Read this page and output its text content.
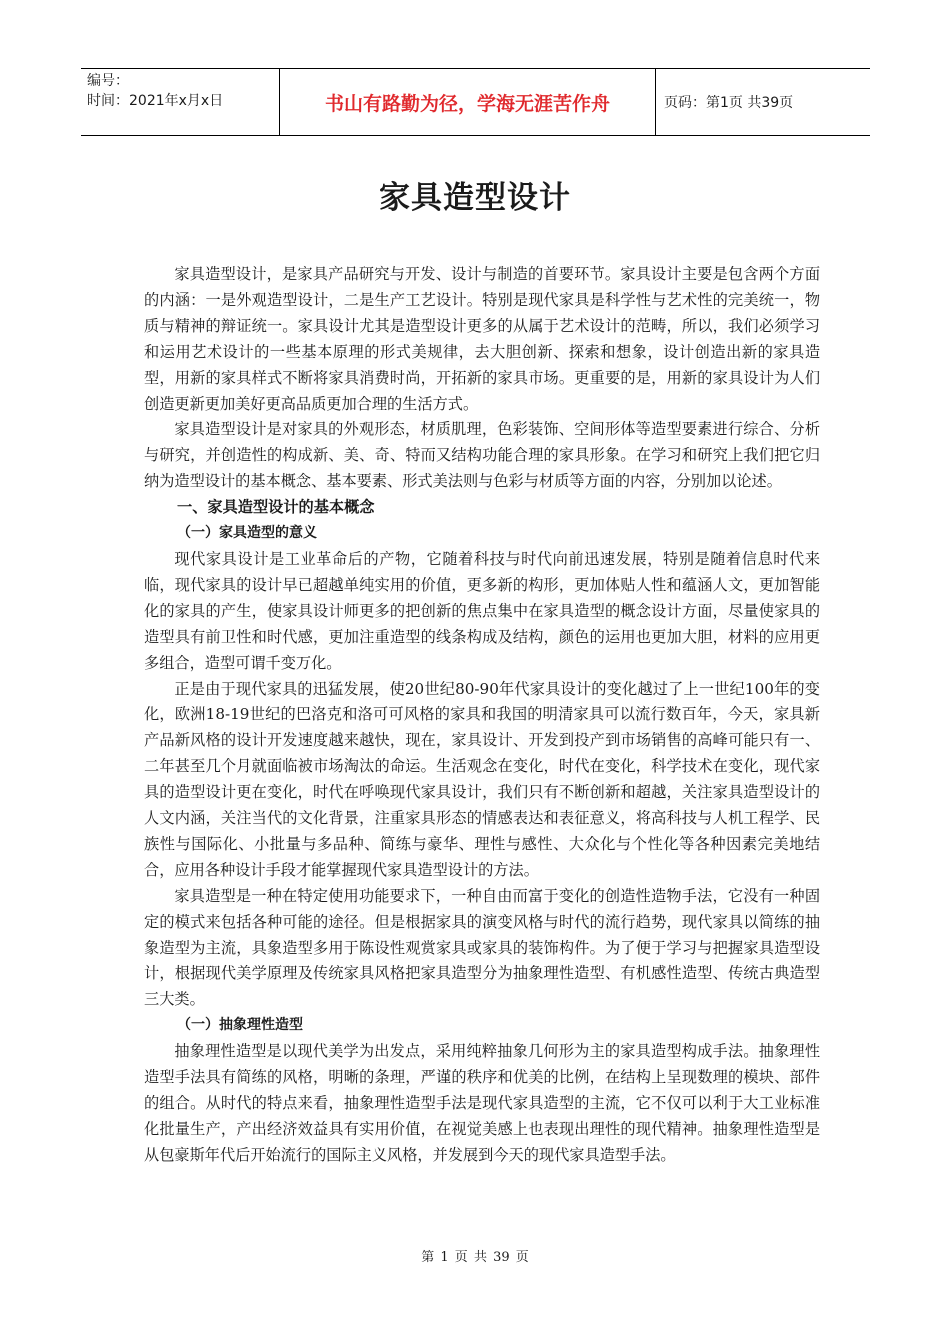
编号：
时间：2021年x月x日	书山有路勤为径，学海无涯苦作舟	页码：第1页 共39页
家具造型设计

家具造型设计，是家具产品研究与开发、设计与制造的首要环节。家具设计主要是包含两个方面的内涵：一是外观造型设计，二是生产工艺设计。特别是现代家具是科学性与艺术性的完美统一，物质与精神的辩证统一。家具设计尤其是造型设计更多的从属于艺术设计的范畴，所以，我们必须学习和运用艺术设计的一些基本原理的形式美规律，去大胆创新、探索和想象，设计创造出新的家具造型，用新的家具样式不断将家具消费时尚，开拓新的家具市场。更重要的是，用新的家具设计为人们创造更新更加美好更高品质更加合理的生活方式。

家具造型设计是对家具的外观形态，材质肌理，色彩装饰、空间形体等造型要素进行综合、分析与研究，并创造性的构成新、美、奇、特而又结构功能合理的家具形象。在学习和研究上我们把它归纳为造型设计的基本概念、基本要素、形式美法则与色彩与材质等方面的内容，分别加以论述。

一、家具造型设计的基本概念
（一）家具造型的意义

现代家具设计是工业革命后的产物，它随着科技与时代向前迅速发展，特别是随着信息时代来临，现代家具的设计早已超越单纯实用的价值，更多新的构形，更加体贴人性和蕴涵人文，更加智能化的家具的产生，使家具设计师更多的把创新的焦点集中在家具造型的概念设计方面，尽量使家具的造型具有前卫性和时代感，更加注重造型的线条构成及结构，颜色的运用也更加大胆，材料的应用更多组合，造型可谓千变万化。

正是由于现代家具的迅猛发展，使20世纪80-90年代家具设计的变化越过了上一世纪100年的变化，欧洲18-19世纪的巴洛克和洛可可风格的家具和我国的明清家具可以流行数百年，今天，家具新产品新风格的设计开发速度越来越快，现在，家具设计、开发到投产到市场销售的高峰可能只有一、二年甚至几个月就面临被市场淘汰的命运。生活观念在变化，时代在变化，科学技术在变化，现代家具的造型设计更在变化，时代在呼唤现代家具设计，我们只有不断创新和超越，关注家具造型设计的人文内涵，关注当代的文化背景，注重家具形态的情感表达和表征意义，将高科技与人机工程学、民族性与国际化、小批量与多品种、简练与豪华、理性与感性、大众化与个性化等各种因素完美地结合，应用各种设计手段才能掌握现代家具造型设计的方法。

家具造型是一种在特定使用功能要求下，一种自由而富于变化的创造性造物手法，它没有一种固定的模式来包括各种可能的途径。但是根据家具的演变风格与时代的流行趋势，现代家具以简练的抽象造型为主流，具象造型多用于陈设性观赏家具或家具的装饰构件。为了便于学习与把握家具造型设计，根据现代美学原理及传统家具风格把家具造型分为抽象理性造型、有机感性造型、传统古典造型三大类。

（一）抽象理性造型

抽象理性造型是以现代美学为出发点，采用纯粹抽象几何形为主的家具造型构成手法。抽象理性造型手法具有简练的风格，明晰的条理，严谨的秩序和优美的比例，在结构上呈现数理的模块、部件的组合。从时代的特点来看，抽象理性造型手法是现代家具造型的主流，它不仅可以利于大工业标准化批量生产，产出经济效益具有实用价值，在视觉美感上也表现出理性的现代精神。抽象理性造型是从包豪斯年代后开始流行的国际主义风格，并发展到今天的现代家具造型手法。

第 1 页 共 39 页
